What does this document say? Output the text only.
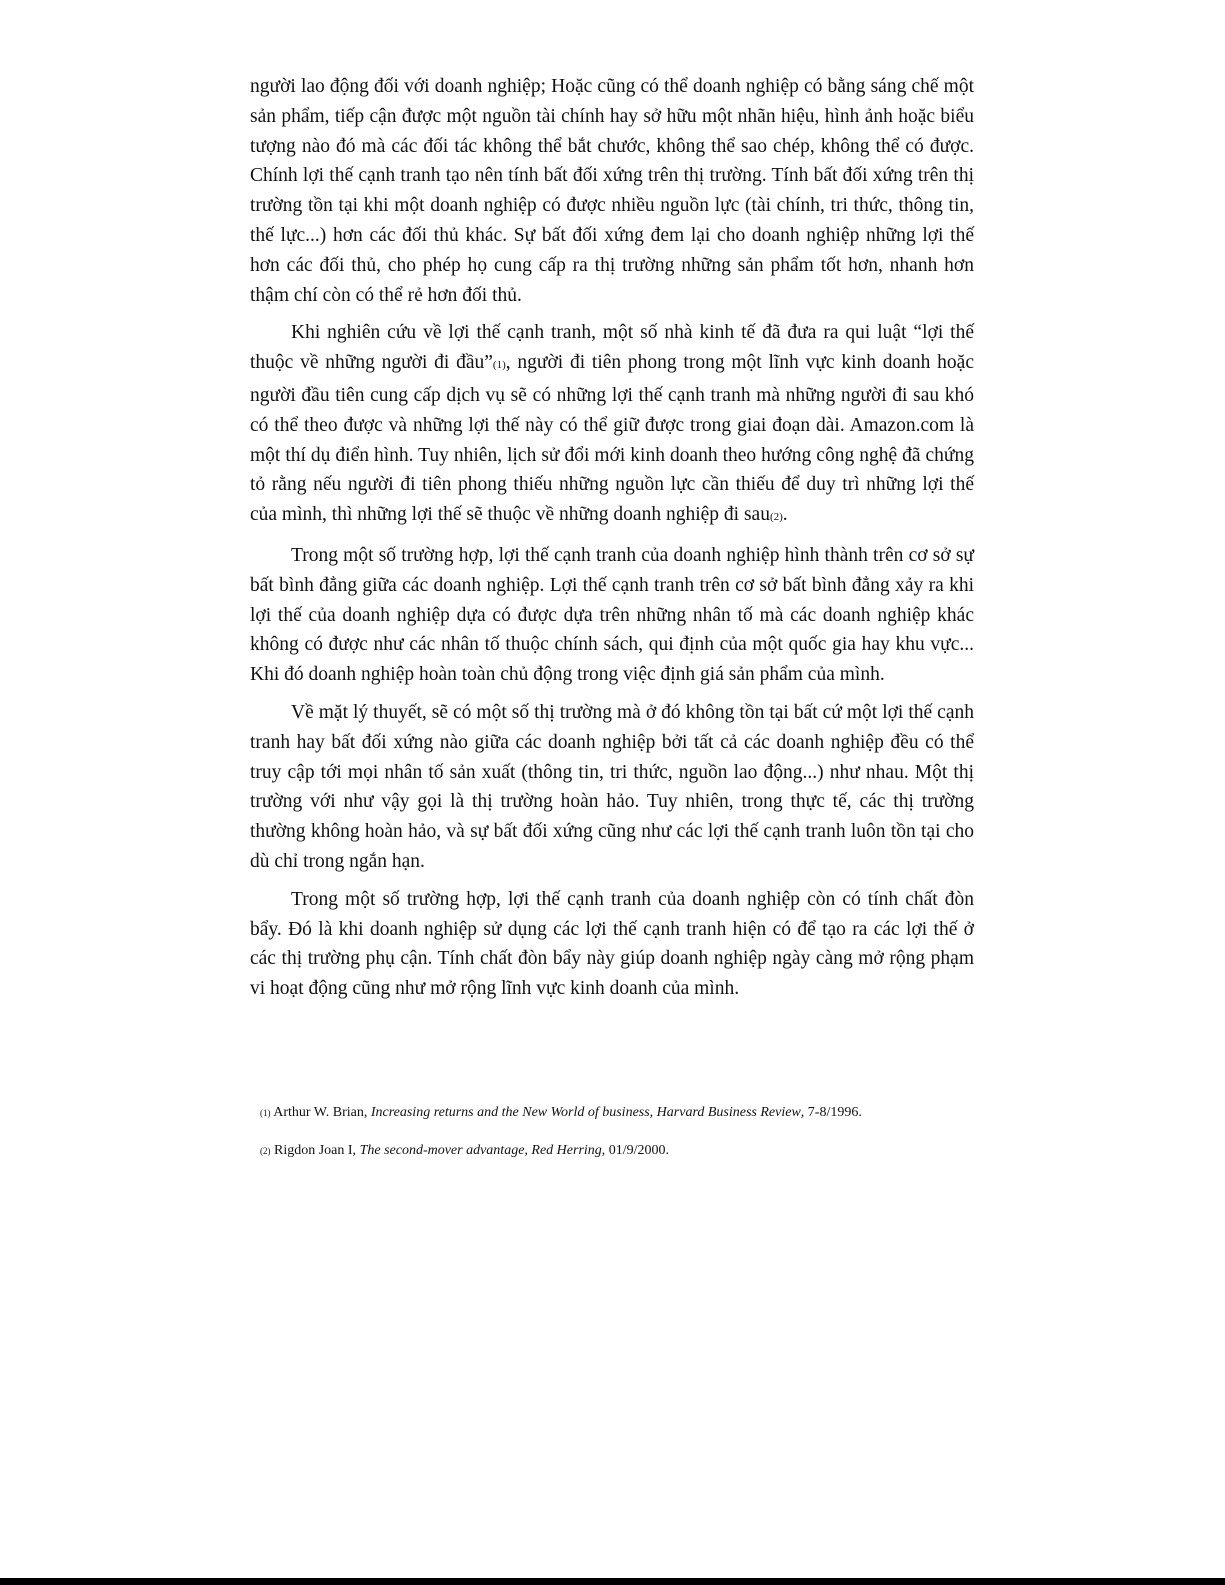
người lao động đối với doanh nghiệp; Hoặc cũng có thể doanh nghiệp có bằng sáng chế một sản phẩm, tiếp cận được một nguồn tài chính hay sở hữu một nhãn hiệu, hình ảnh hoặc biểu tượng nào đó mà các đối tác không thể bắt chước, không thể sao chép, không thể có được. Chính lợi thế cạnh tranh tạo nên tính bất đối xứng trên thị trường. Tính bất đối xứng trên thị trường tồn tại khi một doanh nghiệp có được nhiều nguồn lực (tài chính, tri thức, thông tin, thế lực...) hơn các đối thủ khác. Sự bất đối xứng đem lại cho doanh nghiệp những lợi thế hơn các đối thủ, cho phép họ cung cấp ra thị trường những sản phẩm tốt hơn, nhanh hơn thậm chí còn có thể rẻ hơn đối thủ.

Khi nghiên cứu về lợi thế cạnh tranh, một số nhà kinh tế đã đưa ra qui luật “lợi thế thuộc về những người đi đầu”(1), người đi tiên phong trong một lĩnh vực kinh doanh hoặc người đầu tiên cung cấp dịch vụ sẽ có những lợi thế cạnh tranh mà những người đi sau khó có thể theo được và những lợi thế này có thể giữ được trong giai đoạn dài. Amazon.com là một thí dụ điển hình. Tuy nhiên, lịch sử đổi mới kinh doanh theo hướng công nghệ đã chứng tỏ rằng nếu người đi tiên phong thiếu những nguồn lực cần thiếu để duy trì những lợi thế của mình, thì những lợi thế sẽ thuộc về những doanh nghiệp đi sau(2).

Trong một số trường hợp, lợi thế cạnh tranh của doanh nghiệp hình thành trên cơ sở sự bất bình đẳng giữa các doanh nghiệp. Lợi thế cạnh tranh trên cơ sở bất bình đẳng xảy ra khi lợi thế của doanh nghiệp dựa có được dựa trên những nhân tố mà các doanh nghiệp khác không có được như các nhân tố thuộc chính sách, qui định của một quốc gia hay khu vực... Khi đó doanh nghiệp hoàn toàn chủ động trong việc định giá sản phẩm của mình.

Về mặt lý thuyết, sẽ có một số thị trường mà ở đó không tồn tại bất cứ một lợi thế cạnh tranh hay bất đối xứng nào giữa các doanh nghiệp bởi tất cả các doanh nghiệp đều có thể truy cập tới mọi nhân tố sản xuất (thông tin, tri thức, nguồn lao động...) như nhau. Một thị trường với như vậy gọi là thị trường hoàn hảo. Tuy nhiên, trong thực tế, các thị trường thường không hoàn hảo, và sự bất đối xứng cũng như các lợi thế cạnh tranh luôn tồn tại cho dù chỉ trong ngắn hạn.

Trong một số trường hợp, lợi thế cạnh tranh của doanh nghiệp còn có tính chất đòn bẩy. Đó là khi doanh nghiệp sử dụng các lợi thế cạnh tranh hiện có để tạo ra các lợi thế ở các thị trường phụ cận. Tính chất đòn bẩy này giúp doanh nghiệp ngày càng mở rộng phạm vi hoạt động cũng như mở rộng lĩnh vực kinh doanh của mình.

(1) Arthur W. Brian, Increasing returns and the New World of business, Harvard Business Review, 7-8/1996.

(2) Rigdon Joan I, The second-mover advantage, Red Herring, 01/9/2000.
